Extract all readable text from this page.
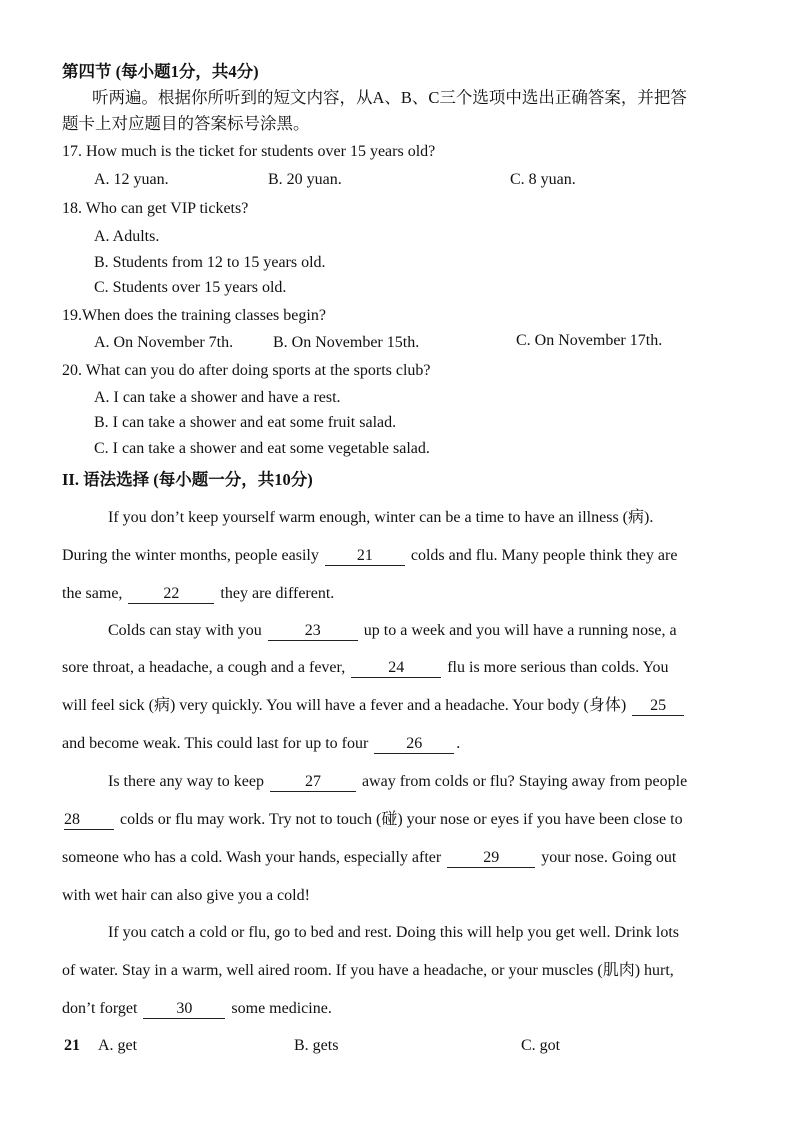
第四节 (每小题1分，共4分)
听两遍。根据你所听到的短文内容，从A、B、C三个选项中选出正确答案，并把答
题卡上对应题目的答案标号涂黑。
17. How much is the ticket for students over 15 years old?
A. 12 yuan.	B. 20 yuan.	C. 8 yuan.
18. Who can get VIP tickets?
A. Adults.
B. Students from 12 to 15 years old.
C. Students over 15 years old.
19.When does the training classes begin?
A. On November 7th. B. On November 15th.	C. On November 17th.
20. What can you do after doing sports at the sports club?
A. I can take a shower and have a rest.
B. I can take a shower and eat some fruit salad.
C. I can take a shower and eat some vegetable salad.
II. 语法选择 (每小题一分，共10分)
If you don’t keep yourself warm enough, winter can be a time to have an illness (病).
During the winter months, people easily 21 colds and flu. Many people think they are
the same,	22	they are different.
Colds can stay with you	23	up to a week and you will have a running nose, a
sore throat, a headache, a cough and a fever,	24	flu is more serious than colds. You
will feel sick (病) very quickly. You will have a fever and a headache. Your body (身体) 25
and become weak. This could last for up to four 26 .
Is there any way to keep	27	away from colds or flu? Staying away from people
28	colds or flu may work. Try not to touch (碰) your nose or eyes if you have been close to
someone who has a cold. Wash your hands, especially after	29	your nose. Going out
with wet hair can also give you a cold!
If you catch a cold or flu, go to bed and rest. Doing this will help you get well. Drink lots
of water. Stay in a warm, well aired room. If you have a headache, or your muscles (肌肉) hurt,
don’t forget 30 some medicine.
21 A. get	B. gets	C. got
